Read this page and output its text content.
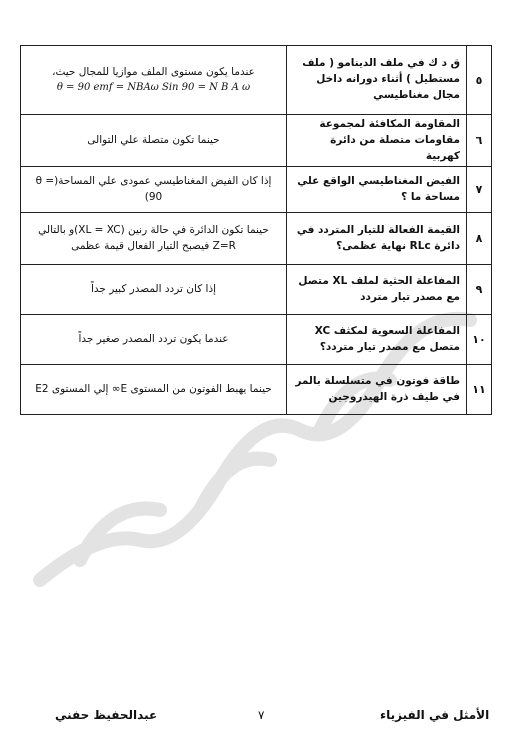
٥	ق د ك في ملف الدينامو ( ملف مستطيل ) أثناء دورانه داخل مجال مغناطيسي	عندما يكون مستوى الملف موازيا للمجال حيث،
θ = 90 emf = NBAω Sin 90 = N B A ω

٦	المقاومة المكافئة لمجموعة مقاومات متصلة من دائرة كهربية	حينما تكون متصلة علي التوالى
٧	الفيض المغناطيسي الواقع علي مساحة ما ؟	إذا كان الفيض المغناطيسي عمودى علي المساحة(θ = 90)
٨	القيمة الفعالة للتيار المتردد في دائرة RLc نهاية عظمى؟	حينما تكون الدائرة في حالة رنين (XL = XC)و بالتالي Z=R فيصبح التيار الفعال قيمة عظمى
٩	المفاعلة الحثية لملف XL متصل مع مصدر تيار متردد	إذا كان تردد المصدر كبير جداً
١٠	المفاعلة السعوية لمكثف XC متصل مع مصدر تيار متردد؟	عندما يكون تردد المصدر صغير جداً
١١	طاقة فوتون في متسلسلة بالمر في طيف ذرة الهيدروجين	حينما يهبط الفوتون من المستوى E∞ إلي المستوى E2
عبدالحفيظ حفني	٧	الأمثل في الفيزياء
